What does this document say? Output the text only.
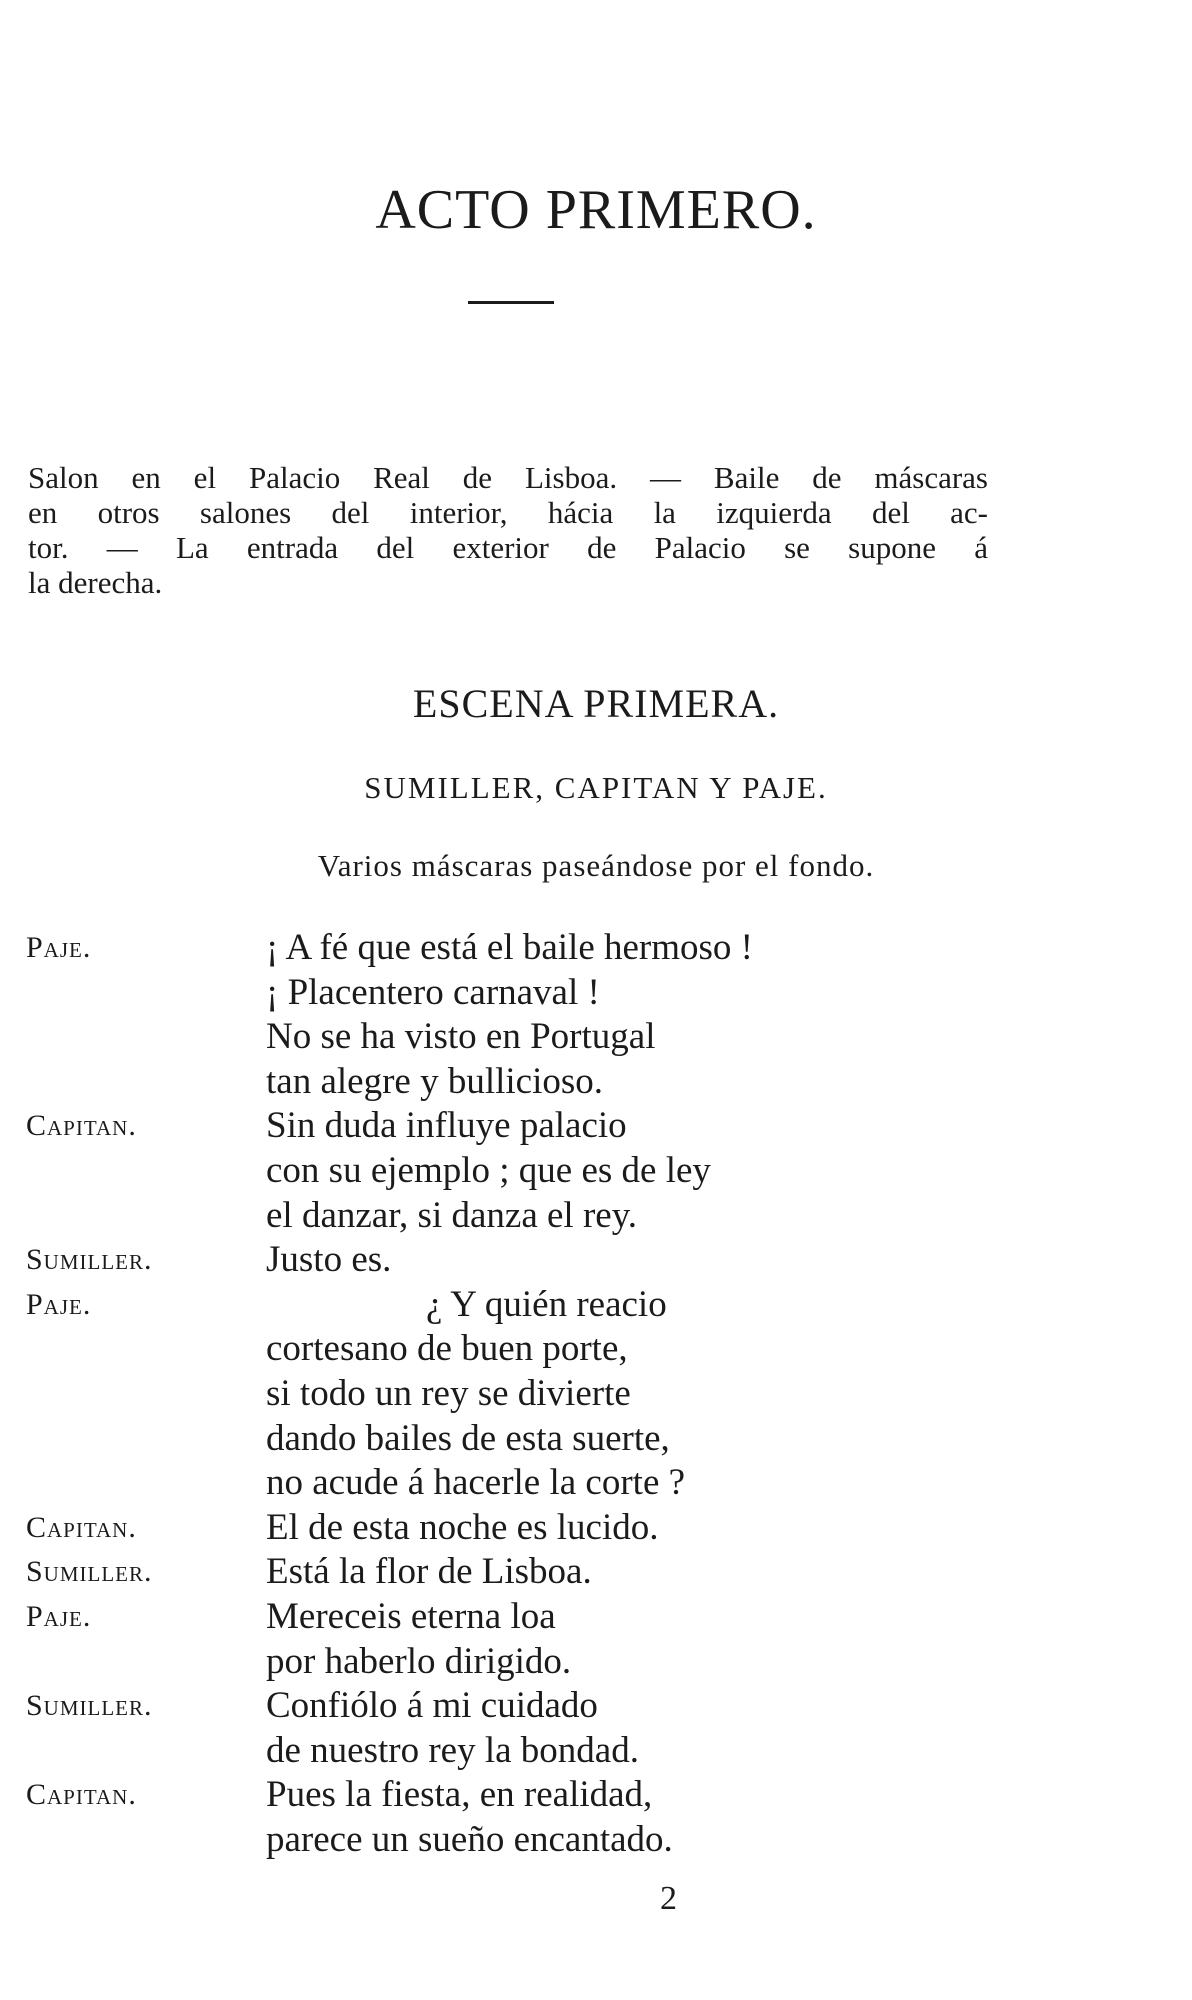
ACTO PRIMERO.

Salon en el Palacio Real de Lisboa. — Baile de máscaras
en otros salones del interior, hácia la izquierda del ac-
tor. — La entrada del exterior de Palacio se supone á
la derecha.

ESCENA PRIMERA.

SUMILLER, CAPITAN Y PAJE.

Varios máscaras paseándose por el fondo.

Paje.	¡ A fé que está el baile hermoso !
¡ Placentero carnaval !
No se ha visto en Portugal
tan alegre y bullicioso.
Capitan.	Sin duda influye palacio
con su ejemplo ; que es de ley
el danzar, si danza el rey.
Sumiller.	Justo es.
Paje.	¿ Y quién reacio
cortesano de buen porte,
si todo un rey se divierte
dando bailes de esta suerte,
no acude á hacerle la corte ?
Capitan.	El de esta noche es lucido.
Sumiller.	Está la flor de Lisboa.
Paje.	Mereceis eterna loa
por haberlo dirigido.
Sumiller.	Confiólo á mi cuidado
de nuestro rey la bondad.
Capitan.	Pues la fiesta, en realidad,
parece un sueño encantado.

2
